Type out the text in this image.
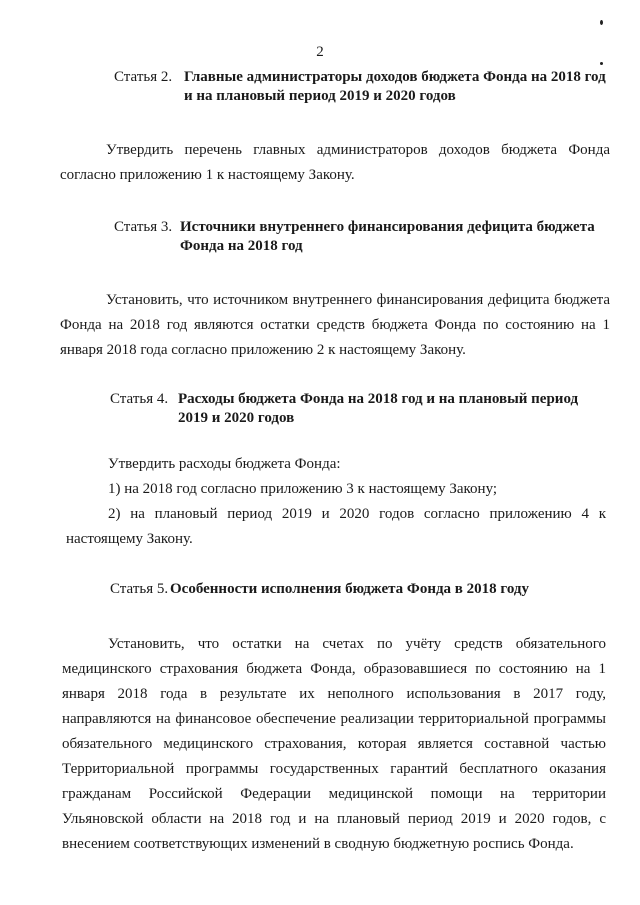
2
Статья 2. Главные администраторы доходов бюджета Фонда на 2018 год и на плановый период 2019 и 2020 годов
Утвердить перечень главных администраторов доходов бюджета Фонда согласно приложению 1 к настоящему Закону.
Статья 3. Источники внутреннего финансирования дефицита бюджета Фонда на 2018 год
Установить, что источником внутреннего финансирования дефицита бюджета Фонда на 2018 год являются остатки средств бюджета Фонда по состоянию на 1 января 2018 года согласно приложению 2 к настоящему Закону.
Статья 4. Расходы бюджета Фонда на 2018 год и на плановый период 2019 и 2020 годов
Утвердить расходы бюджета Фонда:
1) на 2018 год согласно приложению 3 к настоящему Закону;
2) на плановый период 2019 и 2020 годов согласно приложению 4 к настоящему Закону.
Статья 5. Особенности исполнения бюджета Фонда в 2018 году
Установить, что остатки на счетах по учёту средств обязательного медицинского страхования бюджета Фонда, образовавшиеся по состоянию на 1 января 2018 года в результате их неполного использования в 2017 году, направляются на финансовое обеспечение реализации территориальной программы обязательного медицинского страхования, которая является составной частью Территориальной программы государственных гарантий бесплатного оказания гражданам Российской Федерации медицинской помощи на территории Ульяновской области на 2018 год и на плановый период 2019 и 2020 годов, с внесением соответствующих изменений в сводную бюджетную роспись Фонда.
